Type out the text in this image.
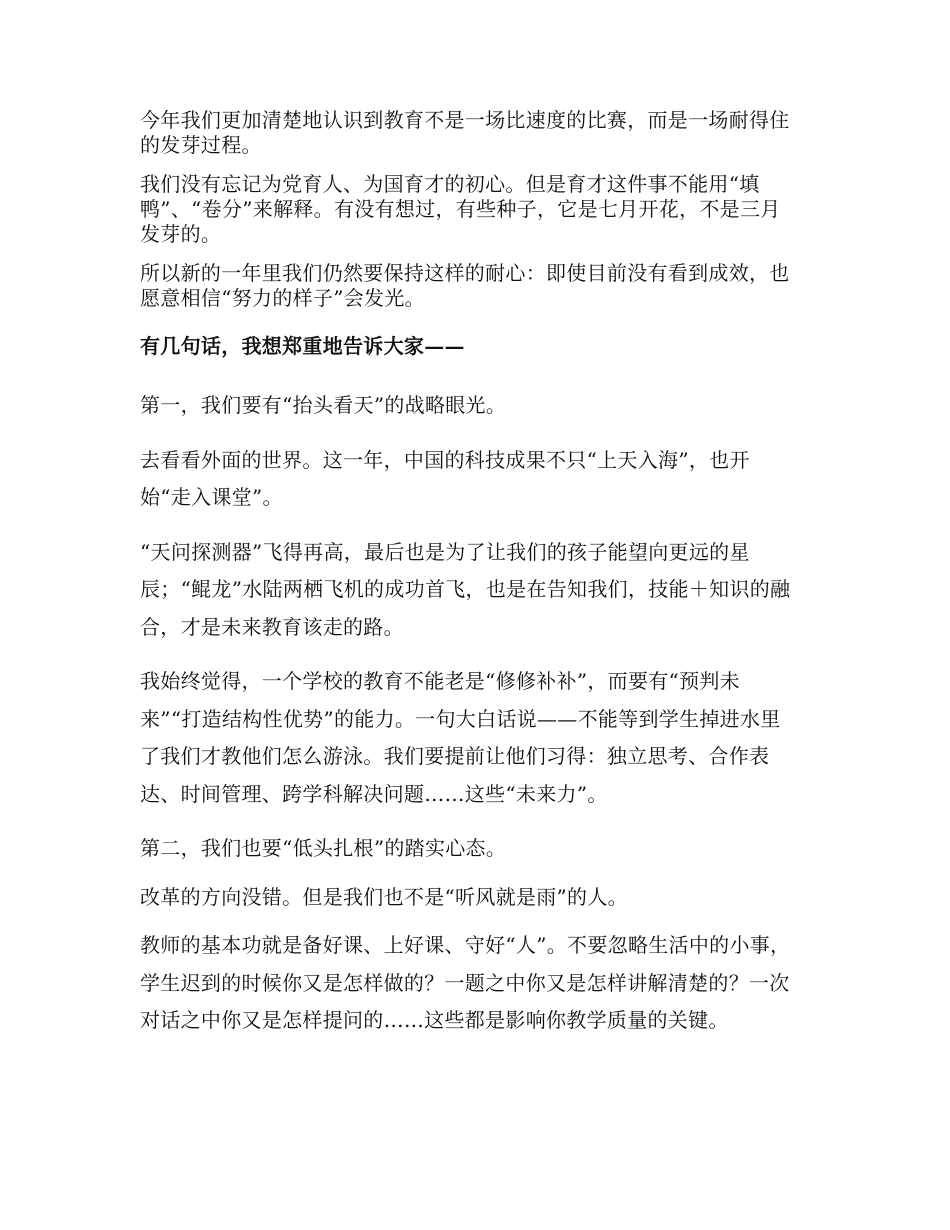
今年我们更加清楚地认识到教育不是一场比速度的比赛，而是一场耐得住的发芽过程。

我们没有忘记为党育人、为国育才的初心。但是育才这件事不能用“填鸭”、“卷分”来解释。有没有想过，有些种子，它是七月开花，不是三月发芽的。

所以新的一年里我们仍然要保持这样的耐心：即使目前没有看到成效，也愿意相信“努力的样子”会发光。

有几句话，我想郑重地告诉大家——

第一，我们要有“抬头看天”的战略眼光。

去看看外面的世界。这一年，中国的科技成果不只“上天入海”，也开始“走入课堂”。

“天问探测器”飞得再高，最后也是为了让我们的孩子能望向更远的星辰；“鲲龙”水陆两栖飞机的成功首飞，也是在告知我们，技能＋知识的融合，才是未来教育该走的路。

我始终觉得，一个学校的教育不能老是“修修补补”，而要有“预判未来”“打造结构性优势”的能力。一句大白话说——不能等到学生掉进水里了我们才教他们怎么游泳。我们要提前让他们习得：独立思考、合作表达、时间管理、跨学科解决问题……这些“未来力”。

第二，我们也要“低头扎根”的踏实心态。

改革的方向没错。但是我们也不是“听风就是雨”的人。

教师的基本功就是备好课、上好课、守好“人”。不要忽略生活中的小事，学生迟到的时候你又是怎样做的？一题之中你又是怎样讲解清楚的？一次对话之中你又是怎样提问的……这些都是影响你教学质量的关键。
